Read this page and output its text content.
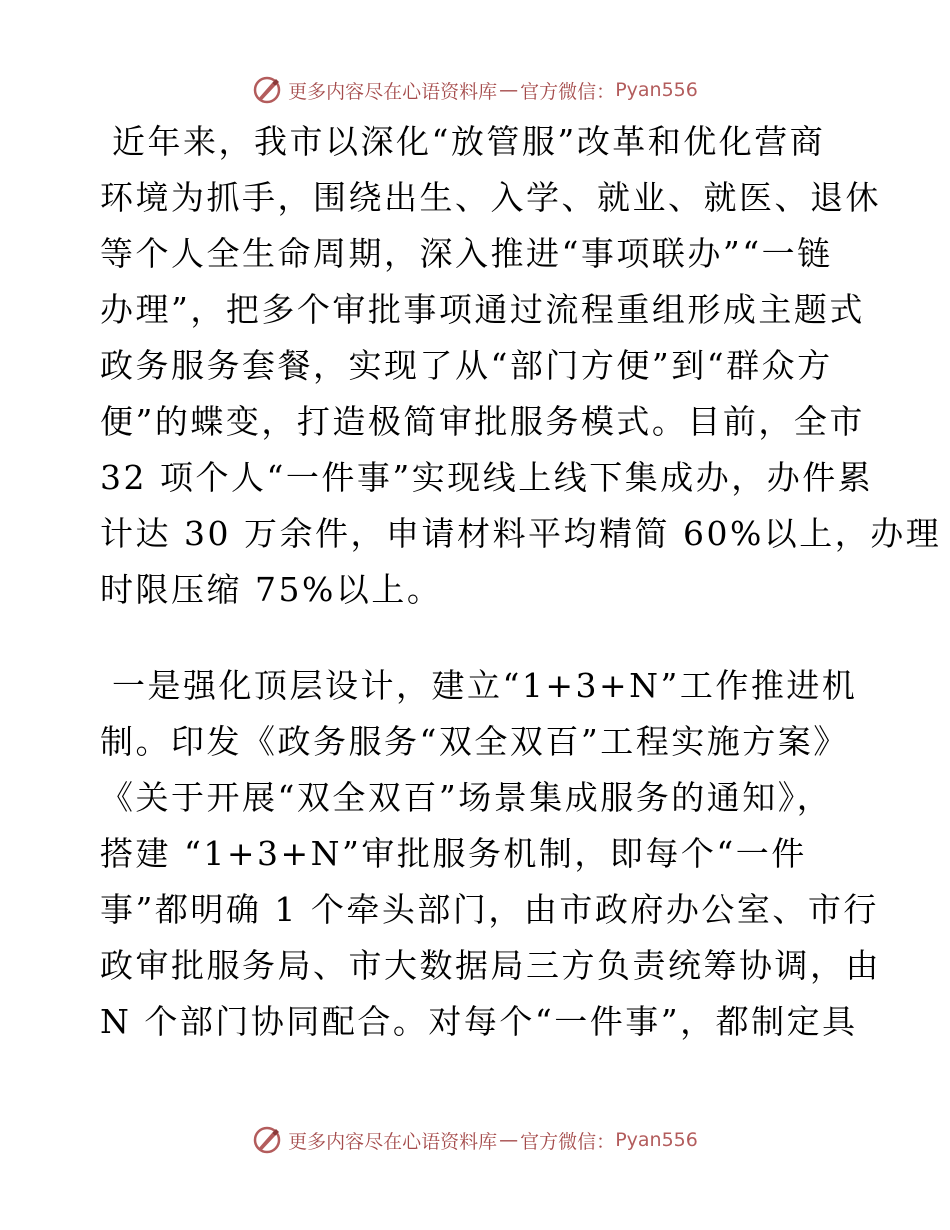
更多内容尽在心语资料库 — 官方微信： Pyan556
近年来，我市以深化“放管服”改革和优化营商
环境为抓手，围绕出生、入学、就业、就医、退休
等个人全生命周期，深入推进“事项联办”“一链
办理”，把多个审批事项通过流程重组形成主题式
政务服务套餐，实现了从“部门方便”到“群众方
便”的蝶变，打造极简审批服务模式。目前，全市
32 项个人“一件事”实现线上线下集成办，办件累
计达 30 万余件，申请材料平均精简 60%以上，办理
时限压缩 75%以上。
一是强化顶层设计，建立“1+3+N”工作推进机
制。印发《政务服务“双全双百”工程实施方案》
《关于开展“双全双百”场景集成服务的通知》，
搭建 “1+3+N”审批服务机制，即每个“一件
事”都明确 1 个牵头部门，由市政府办公室、市行
政审批服务局、市大数据局三方负责统筹协调，由
N 个部门协同配合。对每个“一件事”，都制定具
更多内容尽在心语资料库 — 官方微信： Pyan556
